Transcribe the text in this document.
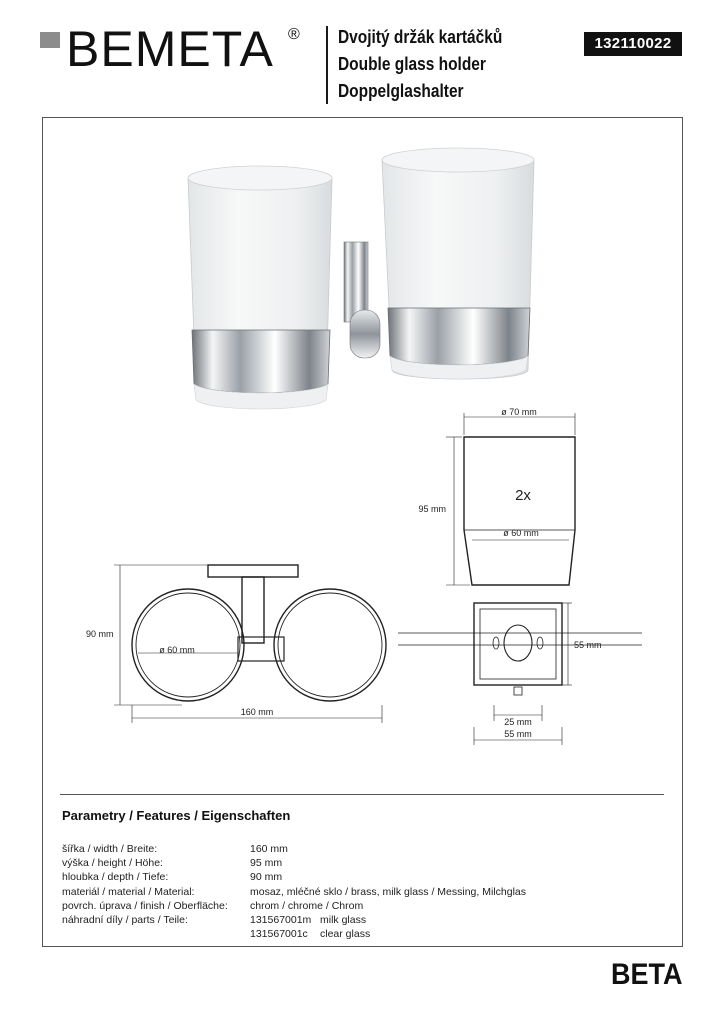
BEMETA ® Dvojitý držák kartáčků
Double glass holder
Doppelglashalter
132110022
ø 70 mm
2x
ø 60 mm
95 mm
ø 60 mm
90 mm
160 mm
55 mm
25 mm
55 mm
Parametry / Features / Eigenschaften
šířka / width / Breite:	160 mm
výška / height / Höhe:	95 mm
hloubka / depth / Tiefe:	90 mm
materiál / material / Material:	mosaz, mléčné sklo / brass, milk glass / Messing, Milchglas
povrch. úprava / finish / Oberfläche:	chrom / chrome / Chrom
náhradní díly / parts / Teile:	131567001m milk glass
131567001c clear glass
BETA
